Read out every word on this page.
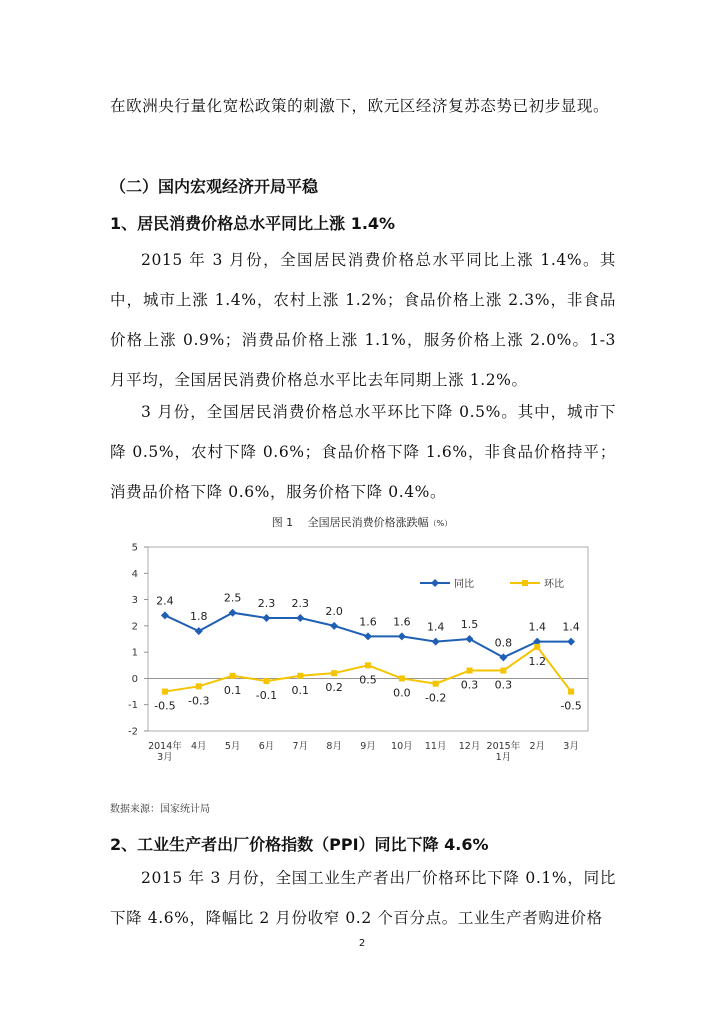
在欧洲央行量化宽松政策的刺激下，欧元区经济复苏态势已初步显现。

（二）国内宏观经济开局平稳

1、居民消费价格总水平同比上涨 1.4%

2015 年 3 月份，全国居民消费价格总水平同比上涨 1.4%。其中，城市上涨 1.4%，农村上涨 1.2%；食品价格上涨 2.3%，非食品价格上涨 0.9%；消费品价格上涨 1.1%，服务价格上涨 2.0%。1-3 月平均，全国居民消费价格总水平比去年同期上涨 1.2%。

3 月份，全国居民消费价格总水平环比下降 0.5%。其中，城市下降 0.5%，农村下降 0.6%；食品价格下降 1.6%，非食品价格持平；消费品价格下降 0.6%，服务价格下降 0.4%。

图 1　 全国居民消费价格涨跌幅（%）
-2
-1
0
1
2
3
4
5
2014年
3月
4月 5月 6月 7月 8月 9月 10月 11月 12月 2015年
1月
2月 3月
2.4
1.8
2.5 2.3 2.3
2.0
1.6 1.6 1.4 1.5
0.8
1.4 1.4
-0.5 -0.3
0.1 -0.1 0.1 0.2
0.5
0.0 -0.2
0.3 0.3
1.2
-0.5
同比	环比
数据来源：国家统计局

2、工业生产者出厂价格指数（PPI）同比下降 4.6%

2015 年 3 月份，全国工业生产者出厂价格环比下降 0.1%，同比下降 4.6%，降幅比 2 月份收窄 0.2 个百分点。工业生产者购进价格

2
